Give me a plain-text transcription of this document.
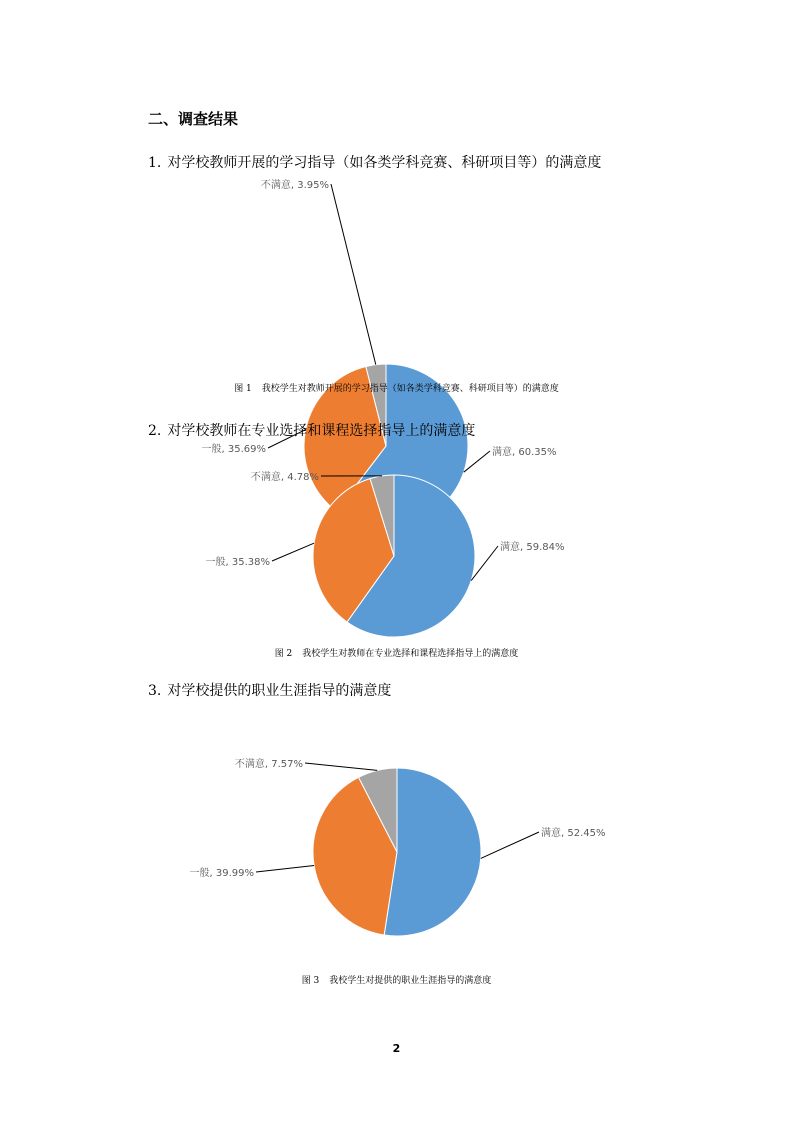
二、调查结果
1. 对学校教师开展的学习指导（如各类学科竞赛、科研项目等）的满意度
满意, 60.35%
一般, 35.69%
不满意, 3.95%
图 1 我校学生对教师开展的学习指导（如各类学科竞赛、科研项目等）的满意度
2. 对学校教师在专业选择和课程选择指导上的满意度
满意, 59.84%
一般, 35.38%
不满意, 4.78%
图 2 我校学生对教师在专业选择和课程选择指导上的满意度
3. 对学校提供的职业生涯指导的满意度
满意, 52.45%
一般, 39.99%
不满意, 7.57%
图 3 我校学生对提供的职业生涯指导的满意度
2
